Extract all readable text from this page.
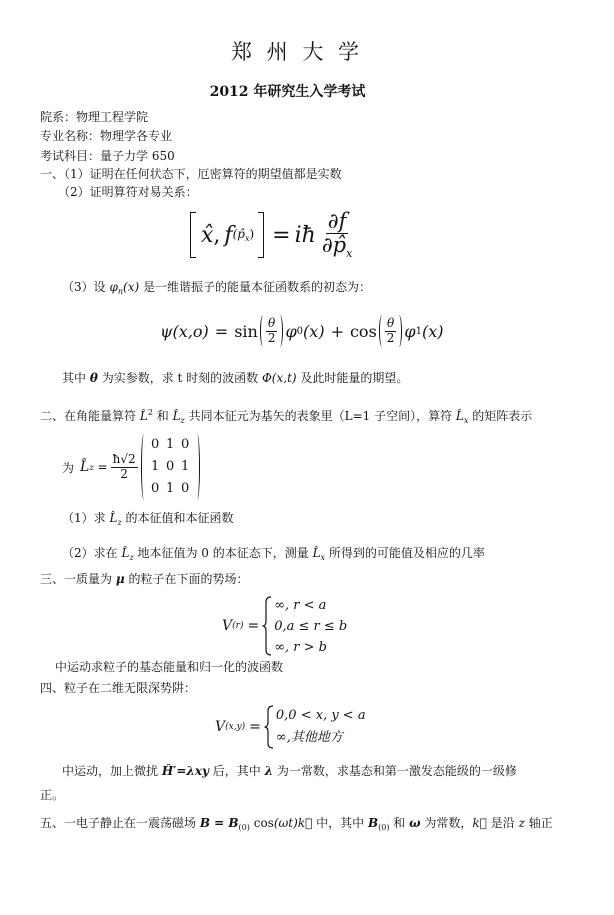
郑 州 大 学
2012 年研究生入学考试
院系：物理工程学院
专业名称：物理学各专业
考试科目：量子力学 650
一、（1）证明在任何状态下，厄密算符的期望值都是实数
（2）证明算符对易关系：
x̂ , f $(p̂_x)$ = iħ $\frac{\partial f}{\partial p̂_x}$
（3）设 $\varphi_n(x)$ 是一维谐振子的能量本征函数系的初态为：
$\psi(x,o) = \sin \frac{\theta}{2}$ φ 0 $(x) + \cos \frac{\theta}{2}$ φ 1 (x)
其中 θ 为实参数，求 t 时刻的波函数 Φ(x,t) 及此时能量的期望。
二、在角能量算符 L̂$^2$ 和 $L̂_z$ 共同本征元为基矢的表象里（L=1 子空间），算符 $L̂_x$ 的矩阵表示
为 L̂ $z = \frac{ħ√2}{2}$
0 1 0
1 0 1
0 1 0
（1）求 $L̂_z$ 的本征值和本征函数
（2）求在 $L̂_z$ 地本征值为 0 的本征态下，测量 $L̂_x$ 所得到的可能值及相应的几率
三、一质量为 μ 的粒子在下面的势场：
V (r) =
∞, r < a
0,a ≤ r ≤ b
∞, r > b
中运动求粒子的基态能量和归一化的波函数
四、粒子在二维无限深势阱：
V (x,y) =
0,0 < x, y < a
∞,其他地方
中运动，加上微扰 Ĥ′=λxy 后，其中 λ 为一常数，求基态和第一激发态能级的一级修
正。
五、一电子静止在一震荡磁场 $B = B_{(0)}$ cos(ωt)k⃗ 中，其中 $B_{(0)}$ 和 ω 为常数，k⃗ 是沿 z 轴正
